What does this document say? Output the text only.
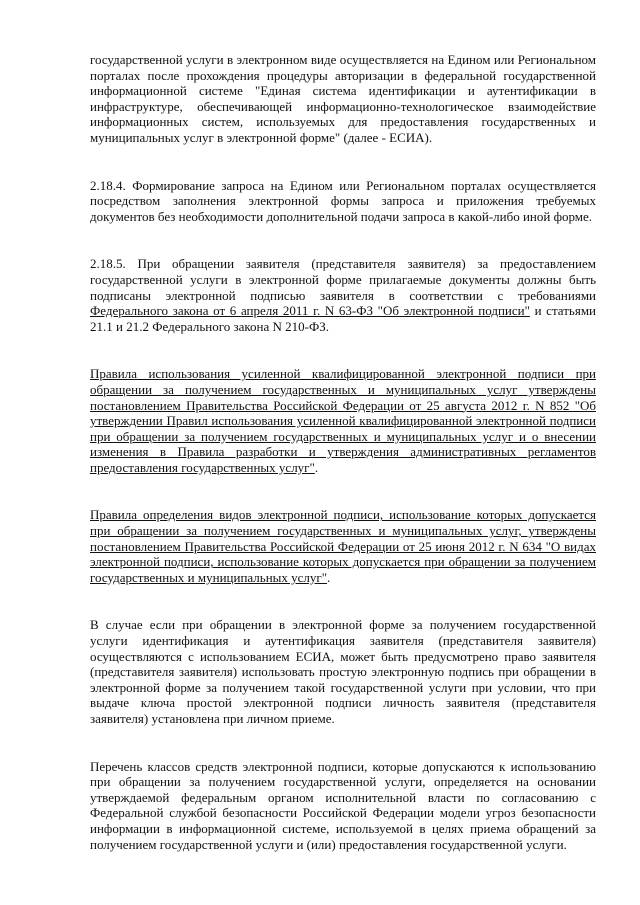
государственной услуги в электронном виде осуществляется на Едином или Региональном порталах после прохождения процедуры авторизации в федеральной государственной информационной системе "Единая система идентификации и аутентификации в инфраструктуре, обеспечивающей информационно-технологическое взаимодействие информационных систем, используемых для предоставления государственных и муниципальных услуг в электронной форме" (далее - ЕСИА).

2.18.4. Формирование запроса на Едином или Региональном порталах осуществляется посредством заполнения электронной формы запроса и приложения требуемых документов без необходимости дополнительной подачи запроса в какой-либо иной форме.

2.18.5. При обращении заявителя (представителя заявителя) за предоставлением государственной услуги в электронной форме прилагаемые документы должны быть подписаны электронной подписью заявителя в соответствии с требованиями Федерального закона от 6 апреля 2011 г. N 63-ФЗ "Об электронной подписи" и статьями 21.1 и 21.2 Федерального закона N 210-ФЗ.

Правила использования усиленной квалифицированной электронной подписи при обращении за получением государственных и муниципальных услуг утверждены постановлением Правительства Российской Федерации от 25 августа 2012 г. N 852 "Об утверждении Правил использования усиленной квалифицированной электронной подписи при обращении за получением государственных и муниципальных услуг и о внесении изменения в Правила разработки и утверждения административных регламентов предоставления государственных услуг".

Правила определения видов электронной подписи, использование которых допускается при обращении за получением государственных и муниципальных услуг, утверждены постановлением Правительства Российской Федерации от 25 июня 2012 г. N 634 "О видах электронной подписи, использование которых допускается при обращении за получением государственных и муниципальных услуг".

В случае если при обращении в электронной форме за получением государственной услуги идентификация и аутентификация заявителя (представителя заявителя) осуществляются с использованием ЕСИА, может быть предусмотрено право заявителя (представителя заявителя) использовать простую электронную подпись при обращении в электронной форме за получением такой государственной услуги при условии, что при выдаче ключа простой электронной подписи личность заявителя (представителя заявителя) установлена при личном приеме.

Перечень классов средств электронной подписи, которые допускаются к использованию при обращении за получением государственной услуги, определяется на основании утверждаемой федеральным органом исполнительной власти по согласованию с Федеральной службой безопасности Российской Федерации модели угроз безопасности информации в информационной системе, используемой в целях приема обращений за получением государственной услуги и (или) предоставления государственной услуги.
